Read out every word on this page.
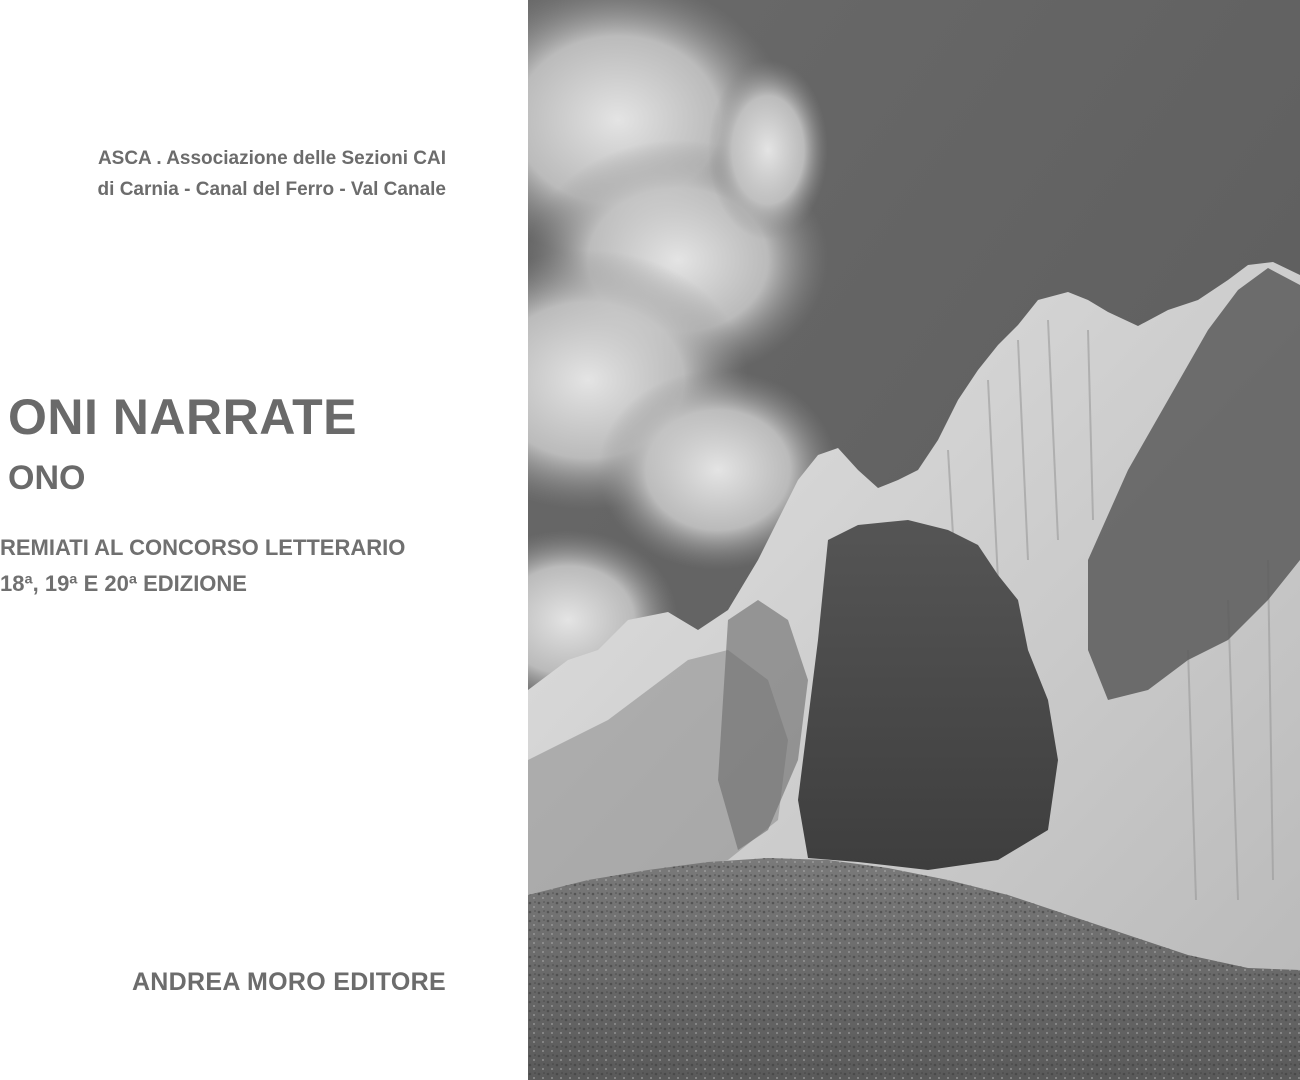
ASCA . Associazione delle Sezioni CAI
di Carnia - Canal del Ferro - Val Canale
ONI NARRATE
ONO
REMIATI AL CONCORSO LETTERARIO
18ª, 19ª E 20ª EDIZIONE
ANDREA MORO EDITORE
